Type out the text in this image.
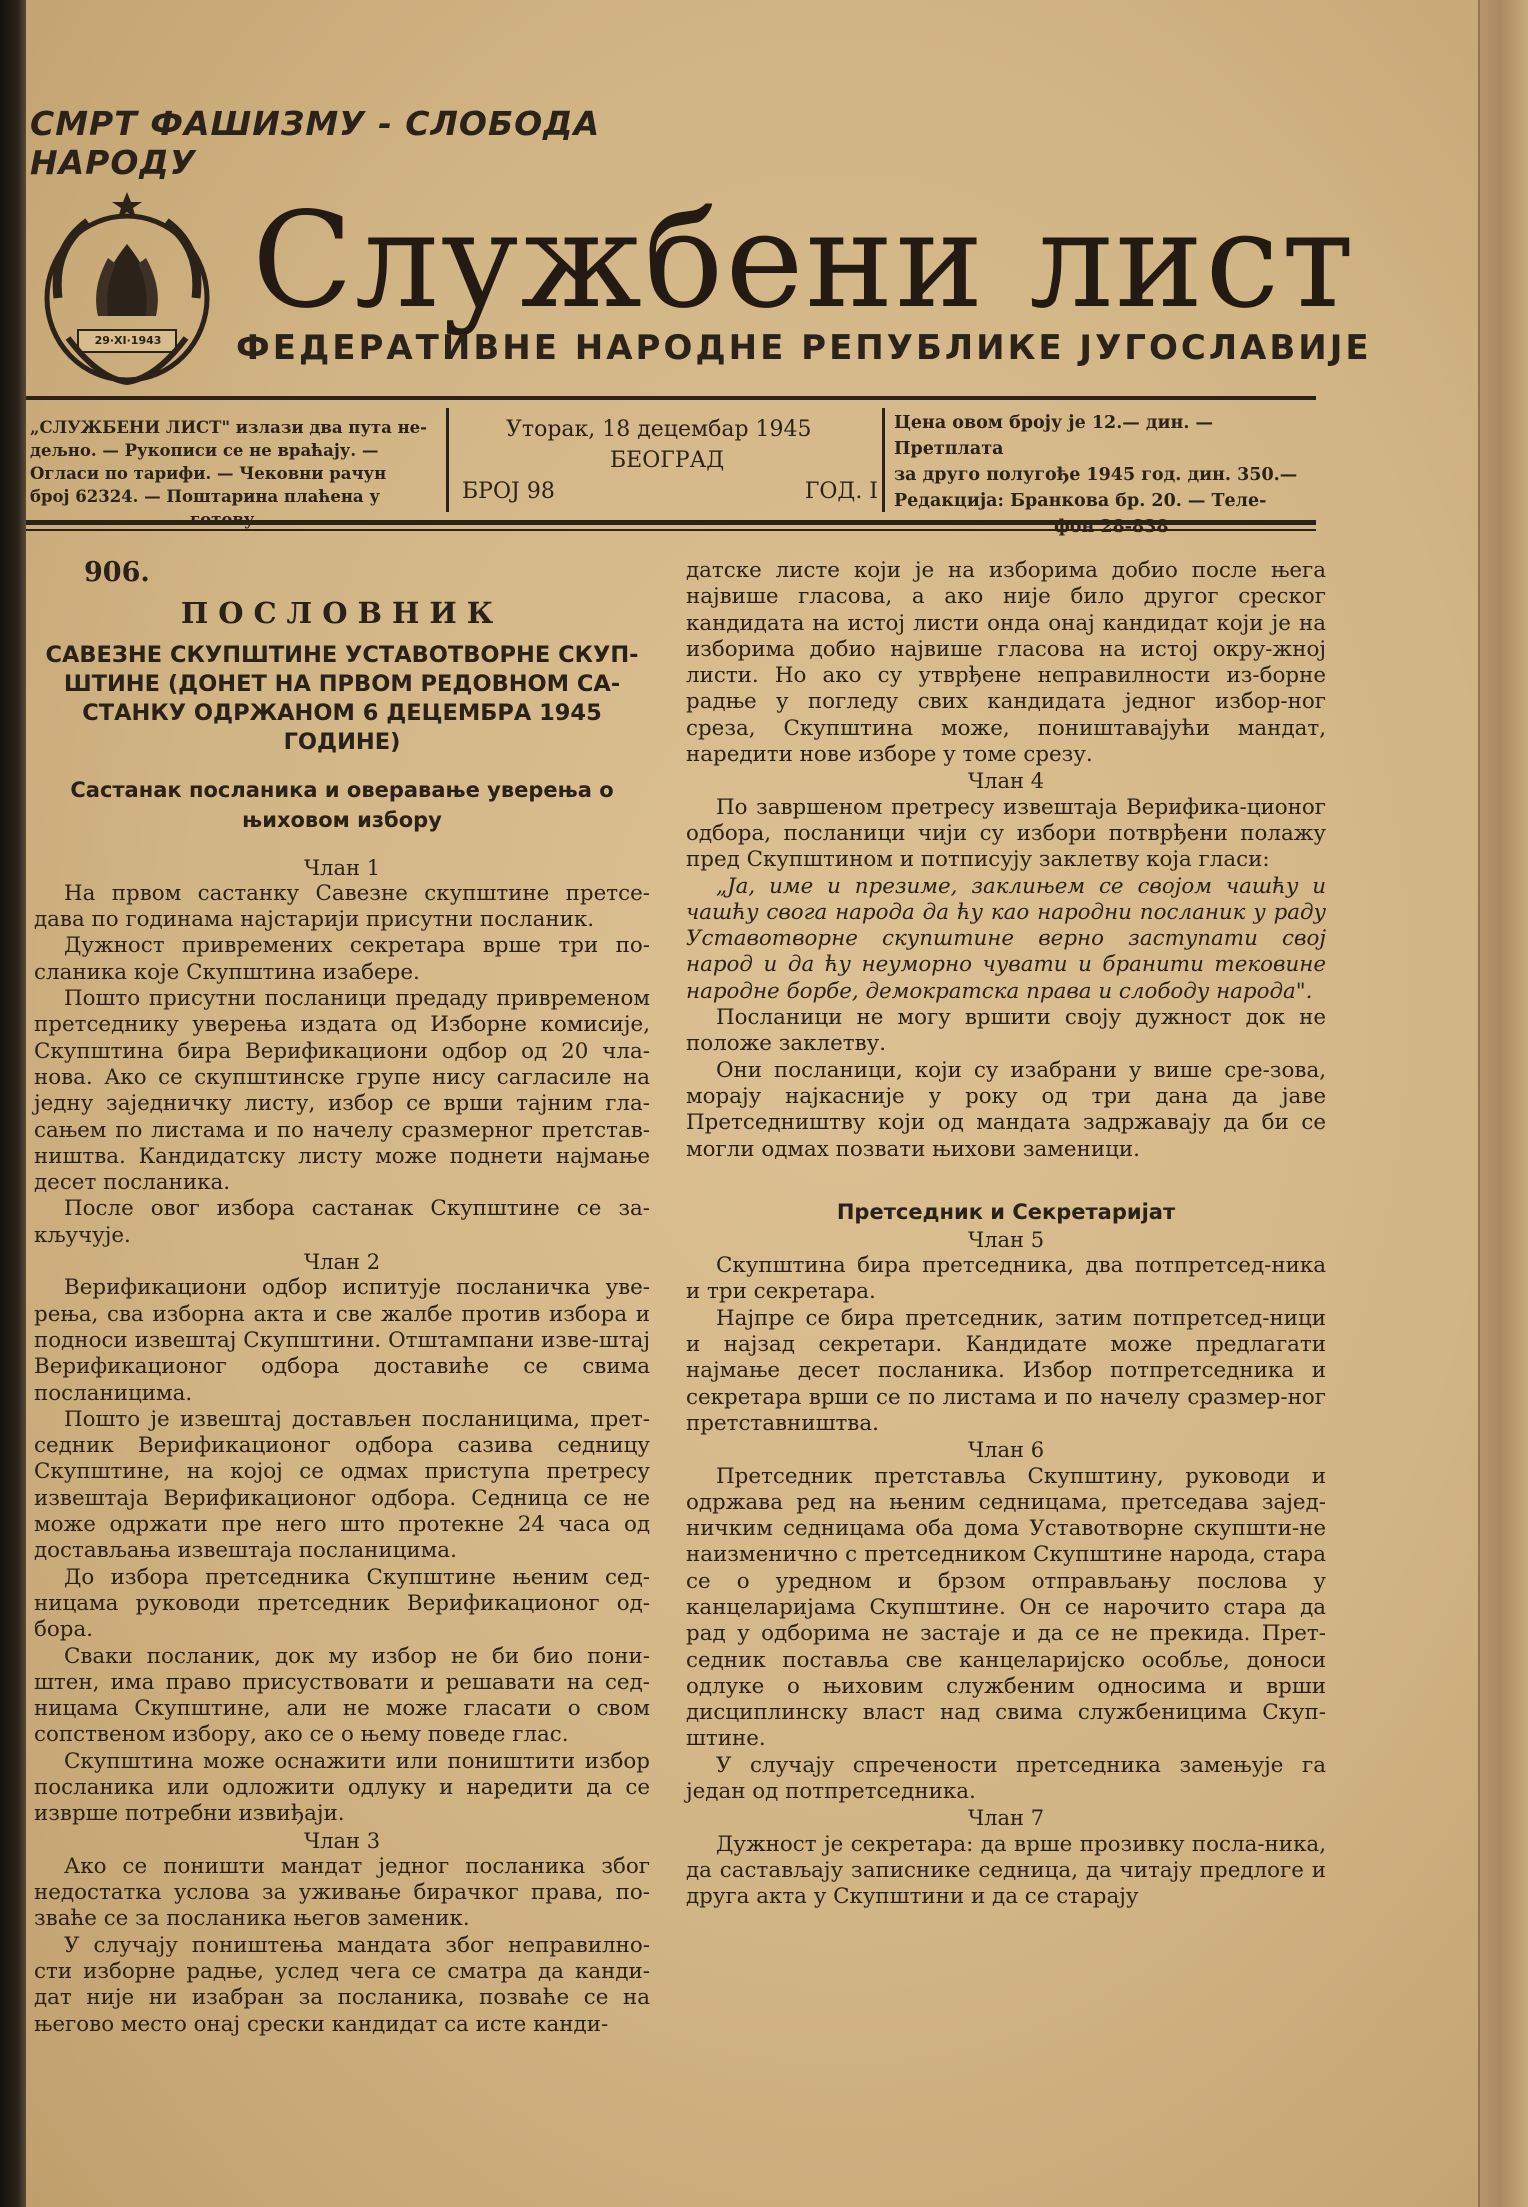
СМРТ ФАШИЗМУ - СЛОБОДА НАРОДУ
29·XI·1943
Службени лист
ФЕДЕРАТИВНЕ НАРОДНЕ РЕПУБЛИКЕ ЈУГОСЛАВИЈЕ
„СЛУЖБЕНИ ЛИСТ" излази два пута не-
дељно. — Рукописи се не враћају. —
Огласи по тарифи. — Чековни рачун
број 62324. — Поштарина плаћена у
готову.
Уторак, 18 децембар 1945
БЕОГРАД
БРОЈ 98	ГОД. I
Цена овом броју је 12.— дин. — Претплата
за друго полугође 1945 год. дин. 350.—
Редакција: Бранкова бр. 20. — Теле-
фон 28-838
906.
ПОСЛОВНИК
САВЕЗНЕ СКУПШТИНЕ УСТАВОТВОРНЕ СКУП-
ШТИНЕ (ДОНЕТ НА ПРВОМ РЕДОВНОМ СА-
СТАНКУ ОДРЖАНОМ 6 ДЕЦЕМБРА 1945 ГОДИНЕ)
Састанак посланика и оверавање уверења о
њиховом избору
Члан 1

На првом састанку Савезне скупштине претсе-дава по годинама најстарији присутни посланик.

Дужност привремених секретара врше три по-сланика које Скупштина изабере.

Пошто присутни посланици предаду привременом претседнику уверења издата од Изборне комисије, Скупштина бира Верификациони одбор од 20 чла-нова. Ако се скупштинске групе нису сагласиле на једну заједничку листу, избор се врши тајним гла-сањем по листама и по начелу сразмерног претстав-ништва. Кандидатску листу може поднети најмање десет посланика.

После овог избора састанак Скупштине се за-кључује.

Члан 2

Верификациони одбор испитује посланичка уве-рења, сва изборна акта и све жалбе против избора и подноси извештај Скупштини. Отштампани изве-штај Верификационог одбора доставиће се свима посланицима.

Пошто је извештај достављен посланицима, прет-седник Верификационог одбора сазива седницу Скупштине, на којој се одмах приступа претресу извештаја Верификационог одбора. Седница се не може одржати пре него што протекне 24 часа од достављања извештаја посланицима.

До избора претседника Скупштине њеним сед-ницама руководи претседник Верификационог од-бора.

Сваки посланик, док му избор не би био пони-штен, има право присуствовати и решавати на сед-ницама Скупштине, али не може гласати о свом сопственом избору, ако се о њему поведе глас.

Скупштина може оснажити или поништити избор посланика или одложити одлуку и наредити да се изврше потребни извиђаји.

Члан 3

Ако се поништи мандат једног посланика због недостатка услова за уживање бирачког права, по-зваће се за посланика његов заменик.

У случају поништења мандата због неправилно-сти изборне радње, услед чега се сматра да канди-дат није ни изабран за посланика, позваће се на његово место онај срески кандидат са исте канди-

датске листе који је на изборима добио после њега највише гласова, а ако није било другог среског кандидата на истој листи онда онај кандидат који је на изборима добио највише гласова на истој окру-жној листи. Но ако су утврђене неправилности из-борне радње у погледу свих кандидата једног избор-ног среза, Скупштина може, поништавајући мандат, наредити нове изборе у томе срезу.

Члан 4

По завршеном претресу извештаја Верифика-ционог одбора, посланици чији су избори потврђени полажу пред Скупштином и потписују заклетву која гласи:

„Ја, име и презиме, заклињем се својом чашћу и чашћу свога народа да ћу као народни посланик у раду Уставотворне скупштине верно заступати свој народ и да ћу неуморно чувати и бранити тековине народне борбе, демократска права и слободу народа".

Посланици не могу вршити своју дужност док не положе заклетву.

Они посланици, који су изабрани у више сре-зова, морају најкасније у року од три дана да јаве Претседништву који од мандата задржавају да би се могли одмах позвати њихови заменици.

Претседник и Секретаријат
Члан 5

Скупштина бира претседника, два потпретсед-ника и три секретара.

Најпре се бира претседник, затим потпретсед-ници и најзад секретари. Кандидате може предлагати најмање десет посланика. Избор потпретседника и секретара врши се по листама и по начелу сразмер-ног претставништва.

Члан 6

Претседник претставља Скупштину, руководи и одржава ред на њеним седницама, претседава зајед-ничким седницама оба дома Уставотворне скупшти-не наизменично с претседником Скупштине народа, стара се о уредном и брзом отправљању послова у канцеларијама Скупштине. Он се нарочито стара да рад у одборима не застаје и да се не прекида. Прет-седник поставља све канцеларијско особље, доноси одлуке о њиховим службеним односима и врши дисциплинску власт над свима службеницима Скуп-штине.

У случају спречености претседника замењује га један од потпретседника.

Члан 7

Дужност је секретара: да врше прозивку посла-ника, да састављају записнике седница, да читају предлоге и друга акта у Скупштини и да се старају
